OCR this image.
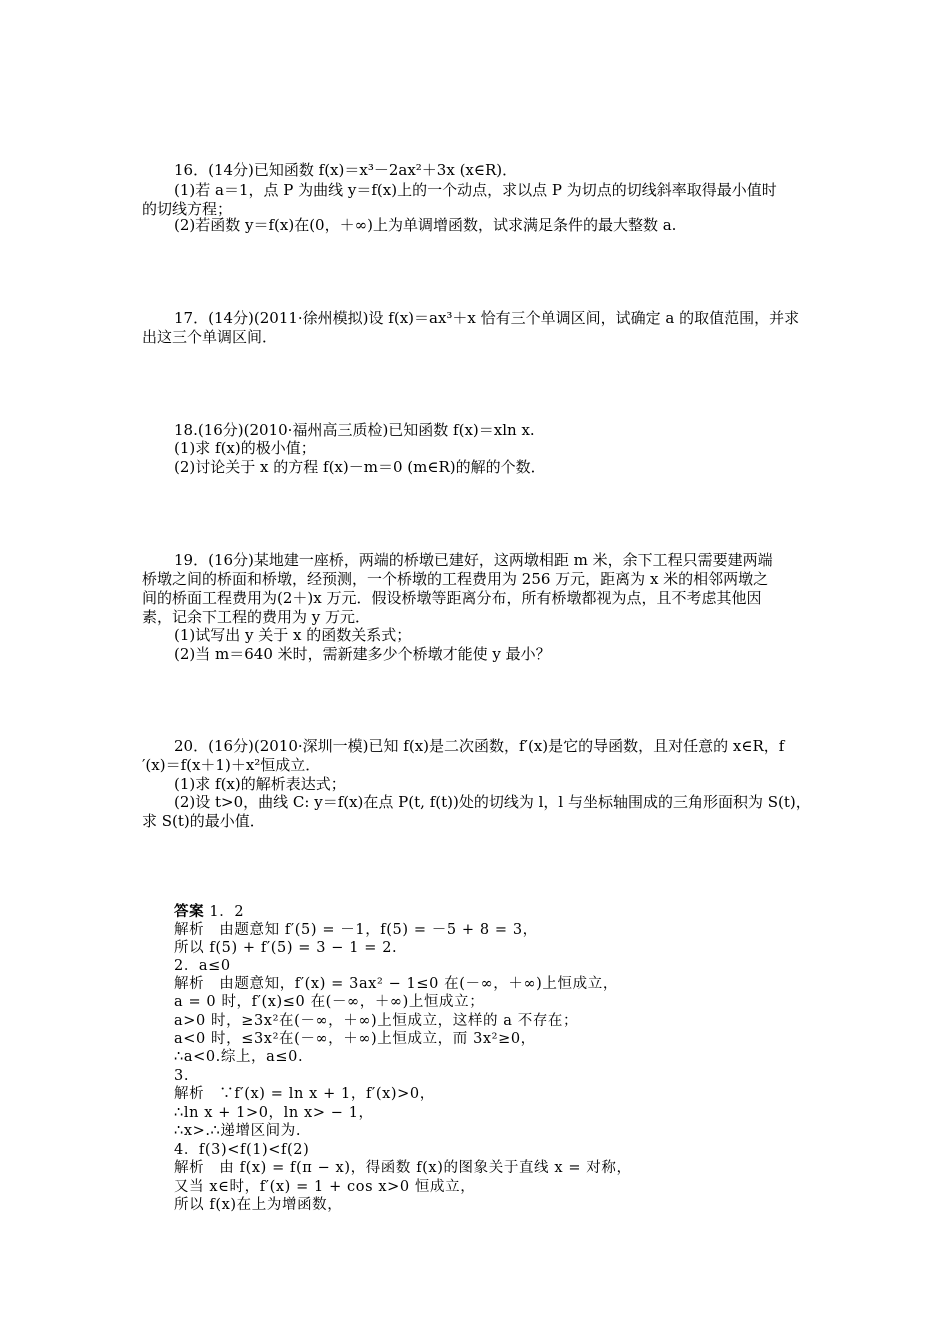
16．(14分)已知函数 f(x)＝x³－2ax²＋3x (x∈R)．
(1)若 a＝1，点 P 为曲线 y＝f(x)上的一个动点，求以点 P 为切点的切线斜率取得最小值时
的切线方程；
(2)若函数 y＝f(x)在(0，＋∞)上为单调增函数，试求满足条件的最大整数 a.
17．(14分)(2011·徐州模拟)设 f(x)＝ax³＋x 恰有三个单调区间，试确定 a 的取值范围，并求
出这三个单调区间．
18.(16分)(2010·福州高三质检)已知函数 f(x)＝xln x.
(1)求 f(x)的极小值；
(2)讨论关于 x 的方程 f(x)－m＝0 (m∈R)的解的个数．
19．(16分)某地建一座桥，两端的桥墩已建好，这两墩相距 m 米，余下工程只需要建两端
桥墩之间的桥面和桥墩，经预测，一个桥墩的工程费用为 256 万元，距离为 x 米的相邻两墩之
间的桥面工程费用为(2＋)x 万元．假设桥墩等距离分布，所有桥墩都视为点，且不考虑其他因
素，记余下工程的费用为 y 万元．
(1)试写出 y 关于 x 的函数关系式；
(2)当 m＝640 米时，需新建多少个桥墩才能使 y 最小？
20．(16分)(2010·深圳一模)已知 f(x)是二次函数，f′(x)是它的导函数，且对任意的 x∈R，f
′(x)＝f(x＋1)＋x²恒成立．
(1)求 f(x)的解析表达式；
(2)设 t>0，曲线 C: y＝f(x)在点 P(t, f(t))处的切线为 l，l 与坐标轴围成的三角形面积为 S(t)，
求 S(t)的最小值．
答案 1．2
解析　由题意知 f′(5) = －1，f(5) = －5 + 8 = 3，
所以 f(5) + f′(5) = 3 − 1 = 2.
2．a≤0
解析　由题意知，f′(x) = 3ax² − 1≤0 在(－∞，＋∞)上恒成立，
a = 0 时，f′(x)≤0 在(－∞，＋∞)上恒成立；
a>0 时，≥3x²在(－∞，＋∞)上恒成立，这样的 a 不存在；
a<0 时，≤3x²在(－∞，＋∞)上恒成立，而 3x²≥0，
∴a<0.综上，a≤0.
3.
解析　∵f′(x) = ln x + 1，f′(x)>0，
∴ln x + 1>0，ln x> − 1，
∴x>.∴递增区间为.
4．f(3)<f(1)<f(2)
解析　由 f(x) = f(π − x)，得函数 f(x)的图象关于直线 x = 对称，
又当 x∈时，f′(x) = 1 + cos x>0 恒成立，
所以 f(x)在上为增函数，
